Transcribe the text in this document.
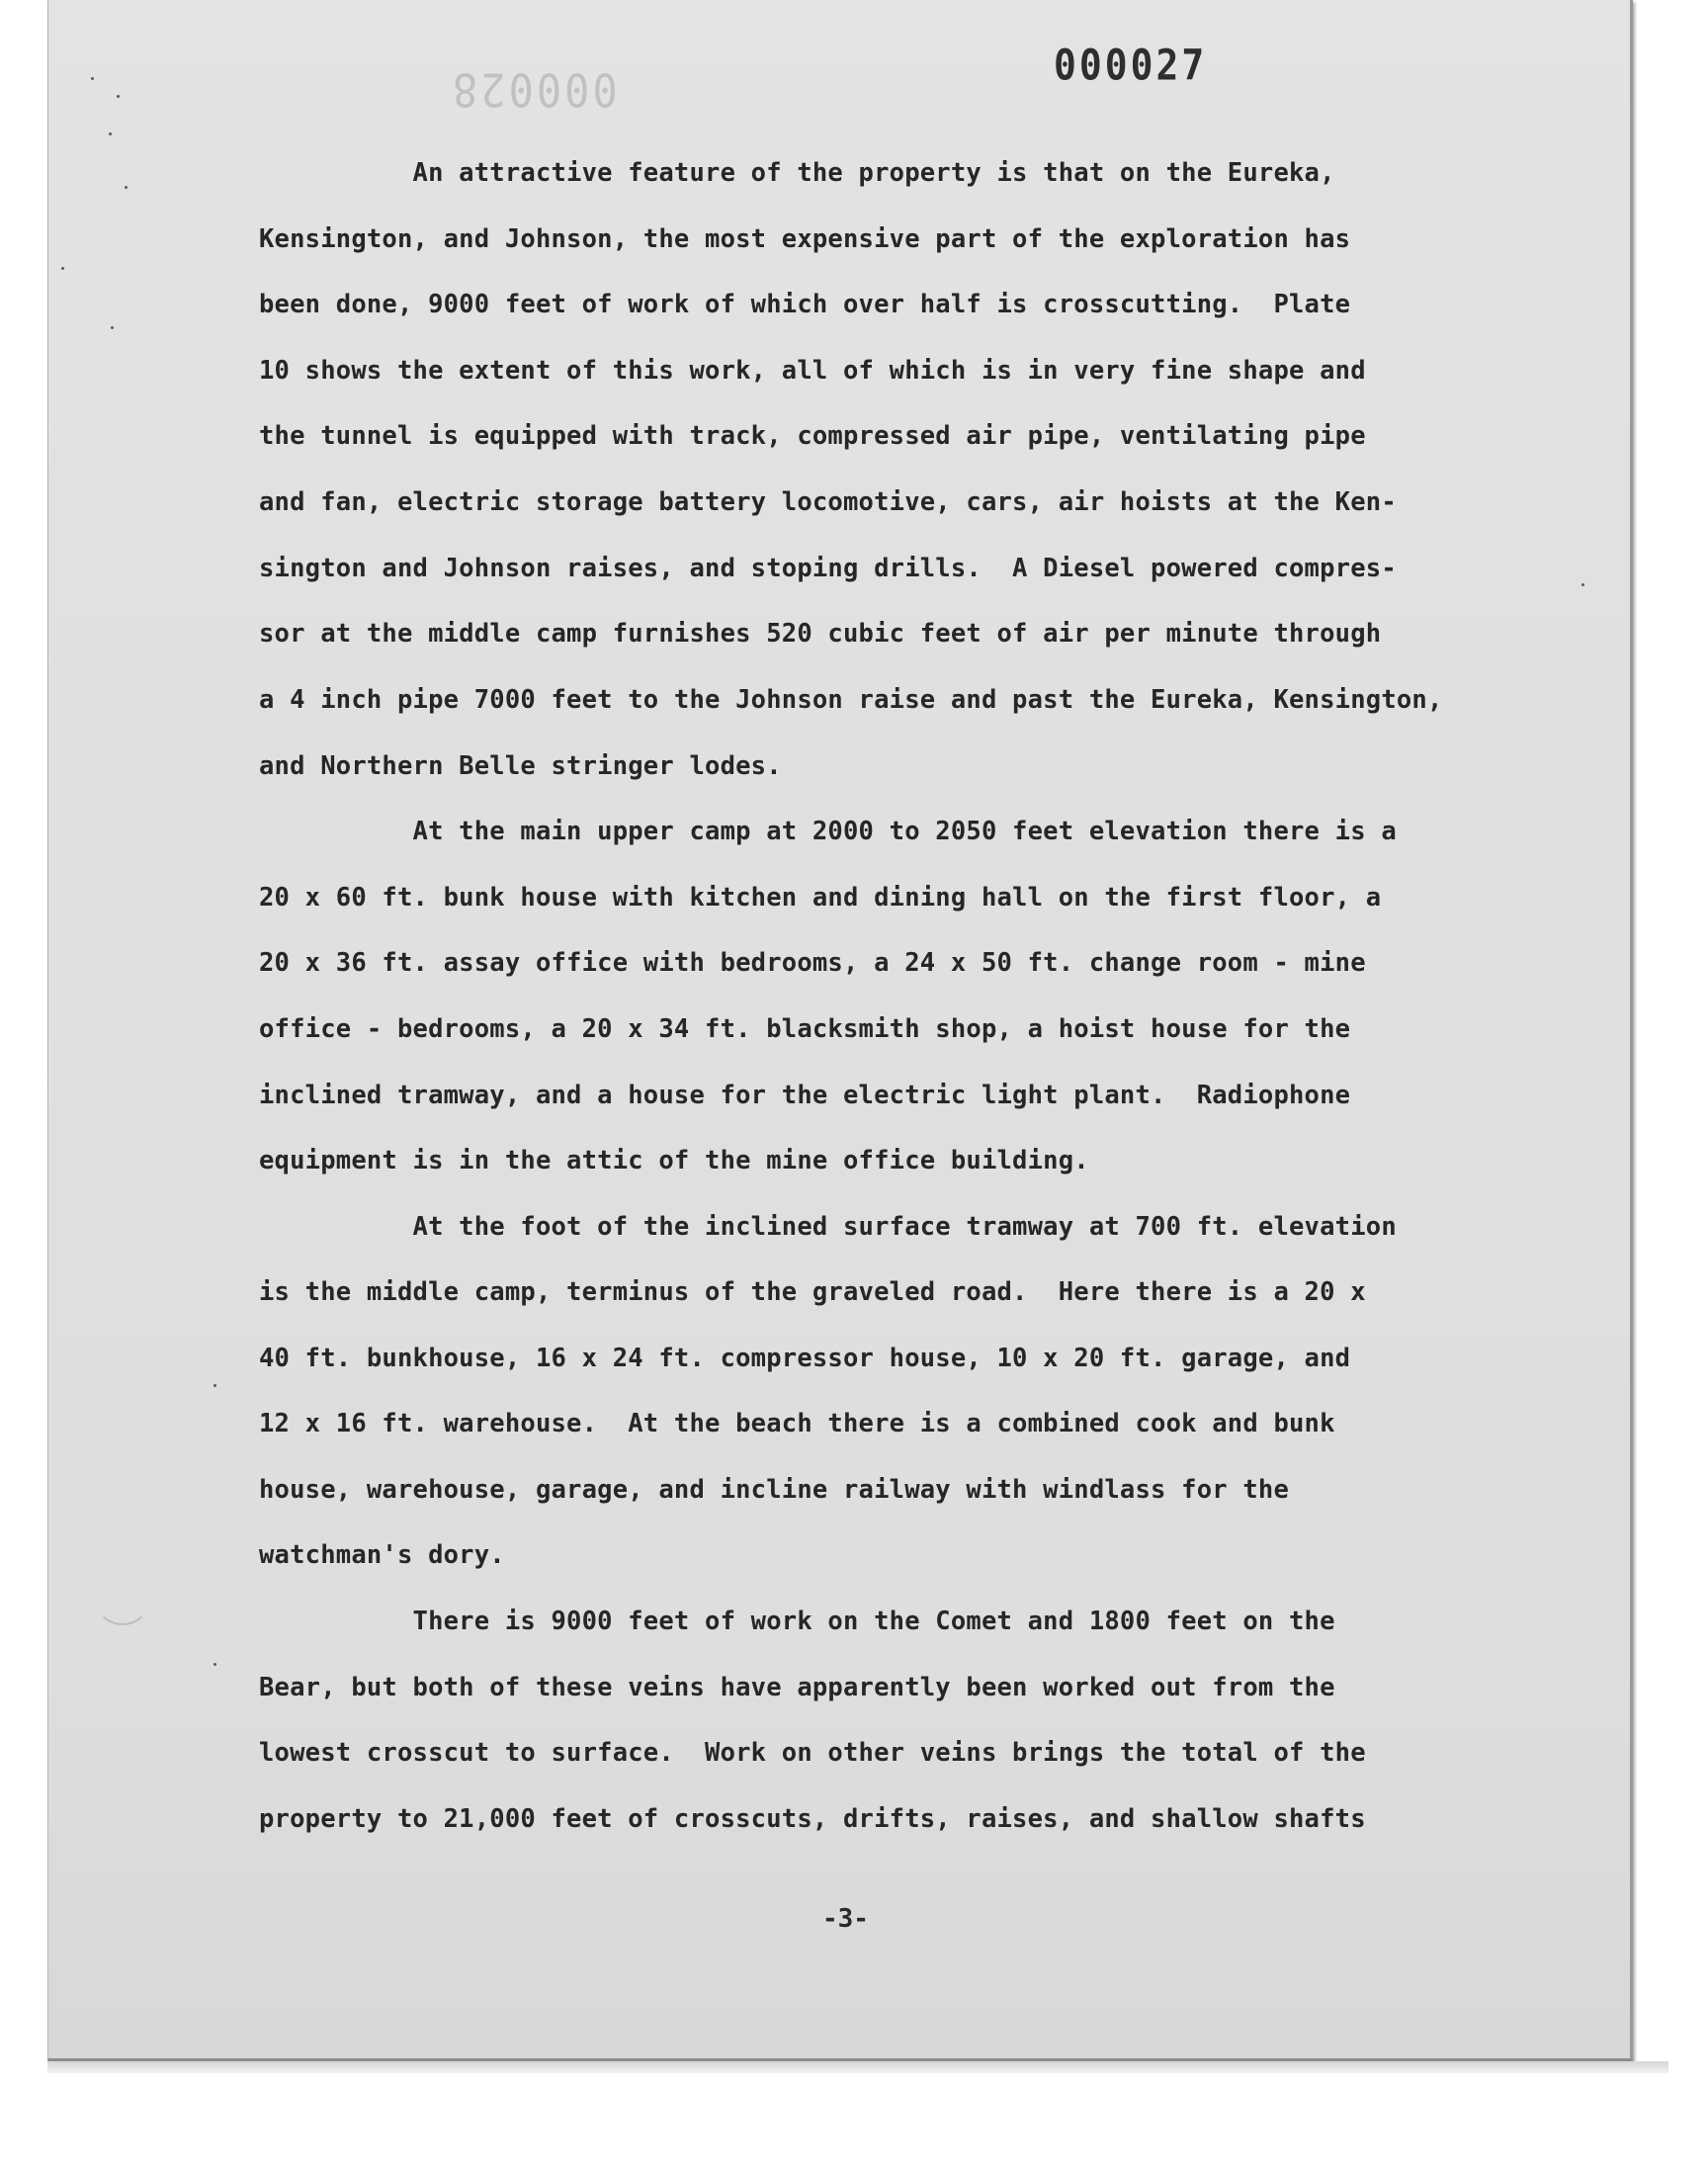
000028	000027
An attractive feature of the property is that on the Eureka,
Kensington, and Johnson, the most expensive part of the exploration has
been done, 9000 feet of work of which over half is crosscutting.  Plate
10 shows the extent of this work, all of which is in very fine shape and
the tunnel is equipped with track, compressed air pipe, ventilating pipe
and fan, electric storage battery locomotive, cars, air hoists at the Ken-
sington and Johnson raises, and stoping drills.  A Diesel powered compres-
sor at the middle camp furnishes 520 cubic feet of air per minute through
a 4 inch pipe 7000 feet to the Johnson raise and past the Eureka, Kensington,
and Northern Belle stringer lodes.
At the main upper camp at 2000 to 2050 feet elevation there is a
20 x 60 ft. bunk house with kitchen and dining hall on the first floor, a
20 x 36 ft. assay office with bedrooms, a 24 x 50 ft. change room - mine
office - bedrooms, a 20 x 34 ft. blacksmith shop, a hoist house for the
inclined tramway, and a house for the electric light plant.  Radiophone
equipment is in the attic of the mine office building.
At the foot of the inclined surface tramway at 700 ft. elevation
is the middle camp, terminus of the graveled road.  Here there is a 20 x
40 ft. bunkhouse, 16 x 24 ft. compressor house, 10 x 20 ft. garage, and
12 x 16 ft. warehouse.  At the beach there is a combined cook and bunk
house, warehouse, garage, and incline railway with windlass for the
watchman's dory.
There is 9000 feet of work on the Comet and 1800 feet on the
Bear, but both of these veins have apparently been worked out from the
lowest crosscut to surface.  Work on other veins brings the total of the
property to 21,000 feet of crosscuts, drifts, raises, and shallow shafts
-3-
